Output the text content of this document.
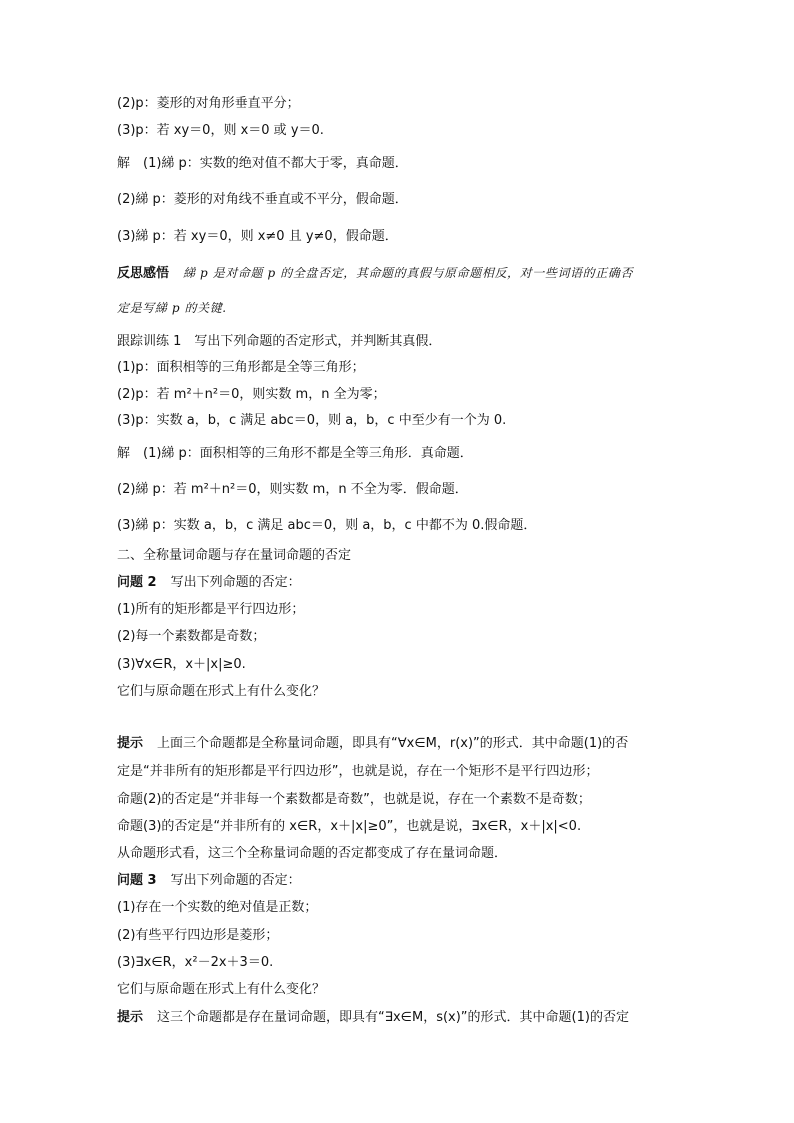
(2)p：菱形的对角形垂直平分；
(3)p：若 xy＝0，则 x＝0 或 y＝0.
解　(1)綈 p：实数的绝对值不都大于零，真命题．
(2)綈 p：菱形的对角线不垂直或不平分，假命题．
(3)綈 p：若 xy＝0，则 x≠0 且 y≠0，假命题．
反思感悟 綈 p 是对命题 p 的全盘否定，其命题的真假与原命题相反，对一些词语的正确否
定是写綈 p 的关键.
跟踪训练 1　写出下列命题的否定形式，并判断其真假．
(1)p：面积相等的三角形都是全等三角形；
(2)p：若 m²＋n²＝0，则实数 m，n 全为零；
(3)p：实数 a，b，c 满足 abc＝0，则 a，b，c 中至少有一个为 0.
解　(1)綈 p：面积相等的三角形不都是全等三角形．真命题．
(2)綈 p：若 m²＋n²＝0，则实数 m，n 不全为零．假命题．
(3)綈 p：实数 a，b，c 满足 abc＝0，则 a，b，c 中都不为 0.假命题．
二、全称量词命题与存在量词命题的否定
问题 2 写出下列命题的否定：
(1)所有的矩形都是平行四边形；
(2)每一个素数都是奇数；
(3)∀x∈R，x＋|x|≥0.
它们与原命题在形式上有什么变化？
提示 上面三个命题都是全称量词命题，即具有“∀x∈M，r(x)”的形式．其中命题(1)的否
定是“并非所有的矩形都是平行四边形”，也就是说，存在一个矩形不是平行四边形；
命题(2)的否定是“并非每一个素数都是奇数”，也就是说，存在一个素数不是奇数；
命题(3)的否定是“并非所有的 x∈R，x＋|x|≥0”，也就是说，∃x∈R，x＋|x|<0.
从命题形式看，这三个全称量词命题的否定都变成了存在量词命题．
问题 3 写出下列命题的否定：
(1)存在一个实数的绝对值是正数；
(2)有些平行四边形是菱形；
(3)∃x∈R，x²－2x＋3＝0.
它们与原命题在形式上有什么变化？
提示 这三个命题都是存在量词命题，即具有“∃x∈M，s(x)”的形式．其中命题(1)的否定
